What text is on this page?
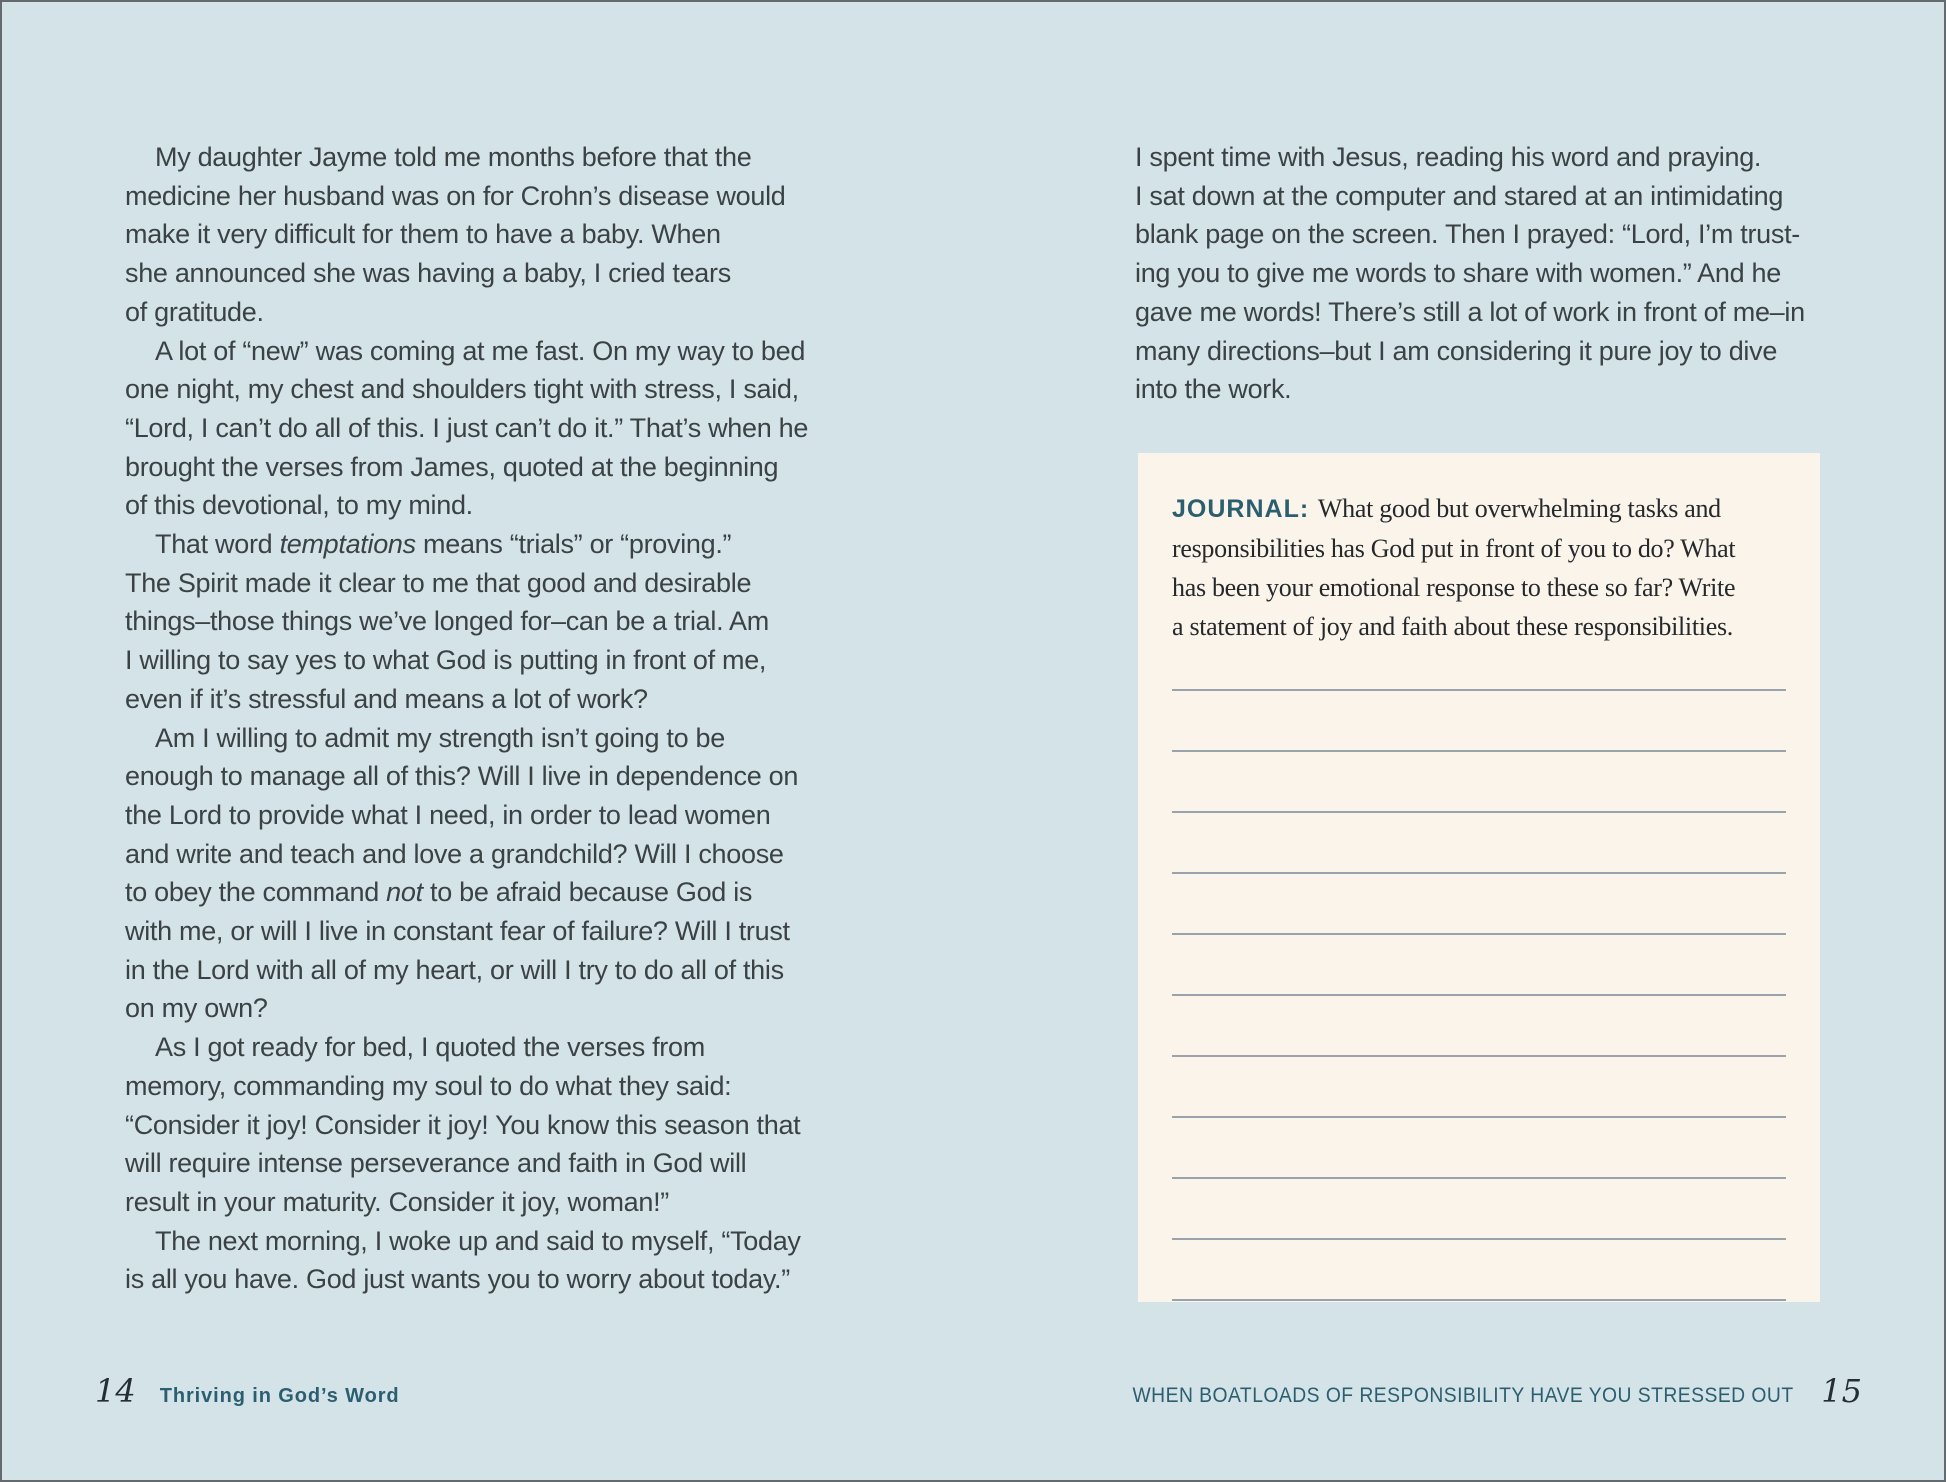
My daughter Jayme told me months before that the
medicine her husband was on for Crohn’s disease would
make it very difficult for them to have a baby. When
she announced she was having a baby, I cried tears
of gratitude.
A lot of “new” was coming at me fast. On my way to bed
one night, my chest and shoulders tight with stress, I said,
“Lord, I can’t do all of this. I just can’t do it.” That’s when he
brought the verses from James, quoted at the beginning
of this devotional, to my mind.
That word temptations means “trials” or “proving.”
The Spirit made it clear to me that good and desirable
things–those things we’ve longed for–can be a trial. Am
I willing to say yes to what God is putting in front of me,
even if it’s stressful and means a lot of work?
Am I willing to admit my strength isn’t going to be
enough to manage all of this? Will I live in dependence on
the Lord to provide what I need, in order to lead women
and write and teach and love a grandchild? Will I choose
to obey the command not to be afraid because God is
with me, or will I live in constant fear of failure? Will I trust
in the Lord with all of my heart, or will I try to do all of this
on my own?
As I got ready for bed, I quoted the verses from
memory, commanding my soul to do what they said:
“Consider it joy! Consider it joy! You know this season that
will require intense perseverance and faith in God will
result in your maturity. Consider it joy, woman!”
The next morning, I woke up and said to myself, “Today
is all you have. God just wants you to worry about today.”
I spent time with Jesus, reading his word and praying.
I sat down at the computer and stared at an intimidating
blank page on the screen. Then I prayed: “Lord, I’m trust-
ing you to give me words to share with women.” And he
gave me words! There’s still a lot of work in front of me–in
many directions–but I am considering it pure joy to dive
into the work.
JOURNAL: What good but overwhelming tasks and
responsibilities has God put in front of you to do? What
has been your emotional response to these so far? Write
a statement of joy and faith about these responsibilities.
14 Thriving in God’s Word	WHEN BOATLOADS OF RESPONSIBILITY HAVE YOU STRESSED OUT 15
